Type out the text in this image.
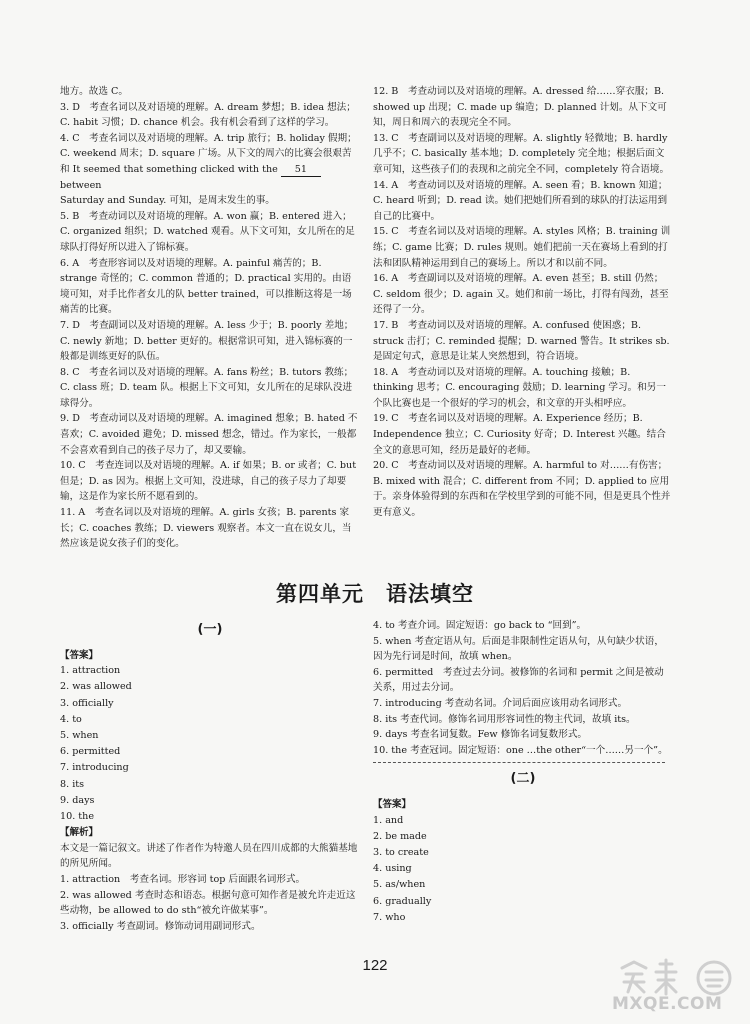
地方。故选 C。

3. D　考查名词以及对语境的理解。A. dream 梦想；B. idea 想法；C. habit 习惯；D. chance 机会。我有机会看到了这样的学习。

4. C　考查名词以及对语境的理解。A. trip 旅行；B. holiday 假期；C. weekend 周末；D. square 广场。从下文的周六的比赛会很艰苦和 It seemed that something clicked with the 51 between

Saturday and Sunday. 可知，是周末发生的事。

5. B　考查动词以及对语境的理解。A. won 赢；B. entered 进入；C. organized 组织；D. watched 观看。从下文可知，女儿所在的足球队打得好所以进入了锦标赛。

6. A　考查形容词以及对语境的理解。A. painful 痛苦的；B. strange 奇怪的；C. common 普通的；D. practical 实用的。由语境可知，对手比作者女儿的队 better trained，可以推断这将是一场痛苦的比赛。

7. D　考查副词以及对语境的理解。A. less 少于；B. poorly 差地；C. newly 新地；D. better 更好的。根据常识可知，进入锦标赛的一般都是训练更好的队伍。

8. C　考查名词以及对语境的理解。A. fans 粉丝；B. tutors 教练；C. class 班；D. team 队。根据上下文可知，女儿所在的足球队没进球得分。

9. D　考查动词以及对语境的理解。A. imagined 想象；B. hated 不喜欢；C. avoided 避免；D. missed 想念，错过。作为家长，一般都不会喜欢看到自己的孩子尽力了，却又要输。

10. C　考查连词以及对语境的理解。A. if 如果；B. or 或者；C. but 但是；D. as 因为。根据上文可知，没进球，自己的孩子尽力了却要输，这是作为家长所不愿看到的。

11. A　考查名词以及对语境的理解。A. girls 女孩；B. parents 家长；C. coaches 教练；D. viewers 观察者。本文一直在说女儿，当然应该是说女孩子们的变化。

12. B　考查动词以及对语境的理解。A. dressed 给……穿衣服；B. showed up 出现；C. made up 编造；D. planned 计划。从下文可知，周日和周六的表现完全不同。

13. C　考查副词以及对语境的理解。A. slightly 轻微地；B. hardly 几乎不；C. basically 基本地；D. completely 完全地；根据后面文章可知，这些孩子们的表现和之前完全不同，completely 符合语境。

14. A　考查动词以及对语境的理解。A. seen 看；B. known 知道；C. heard 听到；D. read 读。她们把她们所看到的球队的打法运用到自己的比赛中。

15. C　考查名词以及对语境的理解。A. styles 风格；B. training 训练；C. game 比赛；D. rules 规则。她们把前一天在赛场上看到的打法和团队精神运用到自己的赛场上。所以才和以前不同。

16. A　考查副词以及对语境的理解。A. even 甚至；B. still 仍然；C. seldom 很少；D. again 又。她们和前一场比，打得有闯劲，甚至还得了一分。

17. B　考查动词以及对语境的理解。A. confused 使困惑；B. struck 击打；C. reminded 提醒；D. warned 警告。It strikes sb. 是固定句式，意思是让某人突然想到，符合语境。

18. A　考查动词以及对语境的理解。A. touching 接触；B. thinking 思考；C. encouraging 鼓励；D. learning 学习。和另一个队比赛也是一个很好的学习的机会，和文章的开头相呼应。

19. C　考查名词以及对语境的理解。A. Experience 经历；B. Independence 独立；C. Curiosity 好奇；D. Interest 兴趣。结合全文的意思可知，经历是最好的老师。

20. C　考查动词以及对语境的理解。A. harmful to 对……有伤害；B. mixed with 混合；C. different from 不同；D. applied to 应用于。亲身体验得到的东西和在学校里学到的可能不同，但是更具个性并更有意义。

第四单元　语法填空
(一)
【答案】
1. attraction
2. was allowed
3. officially
4. to
5. when
6. permitted
7. introducing
8. its
9. days
10. the
【解析】

本文是一篇记叙文。讲述了作者作为特邀人员在四川成都的大熊猫基地的所见所闻。

1. attraction　考查名词。形容词 top 后面跟名词形式。

2. was allowed 考查时态和语态。根据句意可知作者是被允许走近这些动物，be allowed to do sth“被允许做某事”。

3. officially 考查副词。修饰动词用副词形式。

4. to 考查介词。固定短语：go back to “回到”。

5. when 考查定语从句。后面是非限制性定语从句，从句缺少状语，因为先行词是时间，故填 when。

6. permitted　考查过去分词。被修饰的名词和 permit 之间是被动关系，用过去分词。

7. introducing 考查动名词。介词后面应该用动名词形式。

8. its 考查代词。修饰名词用形容词性的物主代词，故填 its。

9. days 考查名词复数。Few 修饰名词复数形式。

10. the 考查冠词。固定短语：one …the other“一个……另一个”。

(二)
【答案】
1. and
2. be made
3. to create
4. using
5. as/when
6. gradually
7. who
122
MXQE.COM
